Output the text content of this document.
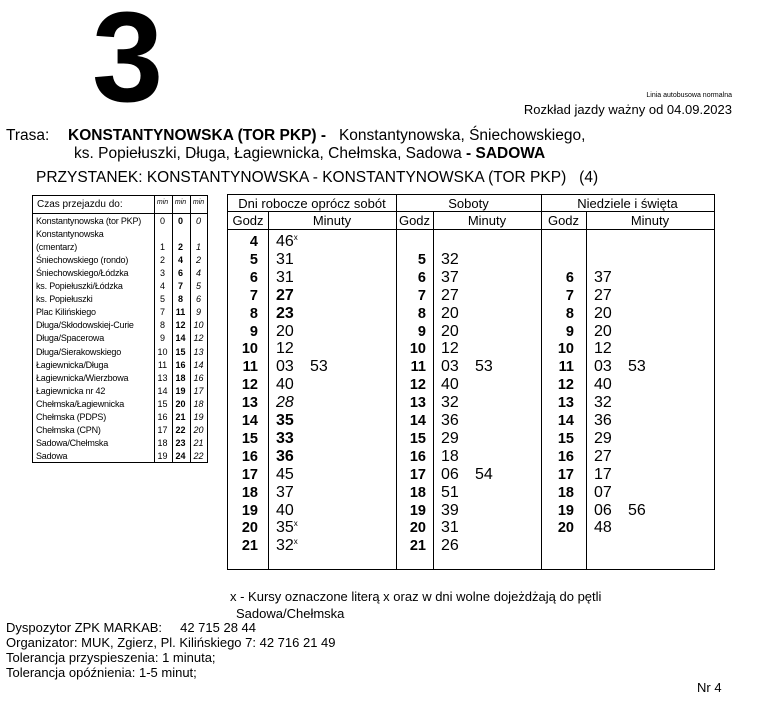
3	Linia autobusowa normalna
Rozkład jazdy ważny od 04.09.2023
Trasa: KONSTANTYNOWSKA (TOR PKP) - Konstantynowska, Śniechowskiego,
ks. Popiełuszki, Długa, Łagiewnicka, Chełmska, Sadowa - SADOWA
PRZYSTANEK: KONSTANTYNOWSKA - KONSTANTYNOWSKA (TOR PKP) (4)
Czas przejazdu do:	min min min
Konstantynowska (tor PKP)	0	0	0
Konstantynowska
(cmentarz)	1	2	1
Śniechowskiego (rondo)	2	4	2
Śniechowskiego/Łódzka	3	6	4
ks. Popiełuszki/Łódzka	4	7	5
ks. Popiełuszki	5	8	6
Plac Kilińskiego	7	11	9
Długa/Skłodowskiej-Curie	8	12 10
Długa/Spacerowa	9	14 12
Długa/Sierakowskiego	10 15 13
Łagiewnicka/Długa	11 16 14
Łagiewnicka/Wierzbowa	13 18 16
Łagiewnicka nr 42	14 19 17
Chełmska/Łagiewnicka	15 20 18
Chełmska (PDPS)	16 21 19
Chełmska (CPN)	17 22 20
Sadowa/Chełmska	18 23 21
Sadowa	19 24 22
Dni robocze oprócz sobót
Godz	Minuty
4 46$^x$
5 31
6 31
7 27
8 23
9 20
10 12
11 03 53
12 40
13 28
14 35
15 33
16 36
17 45
18 37
19 40
20 35$^x$
21 32$^x$
Soboty
Godz	Minuty
5 32
6 37
7 27
8 20
9 20
10 12
11 03 53
12 40
13 32
14 36
15 29
16 18
17 06 54
18 51
19 39
20 31
21 26
Niedziele i święta
Godz	Minuty
6 37
7 27
8 20
9 20
10 12
11 03 53
12 40
13 32
14 36
15 29
16 27
17 17
18 07
19 06 56
20 48
x - Kursy oznaczone literą x oraz w dni wolne dojeżdżają do pętli
Sadowa/Chełmska
Dyspozytor ZPK MARKAB: 42 715 28 44
Organizator: MUK, Zgierz, Pl. Kilińskiego 7: 42 716 21 49
Tolerancja przyspieszenia: 1 minuta;
Tolerancja opóźnienia: 1-5 minut;
Nr 4
